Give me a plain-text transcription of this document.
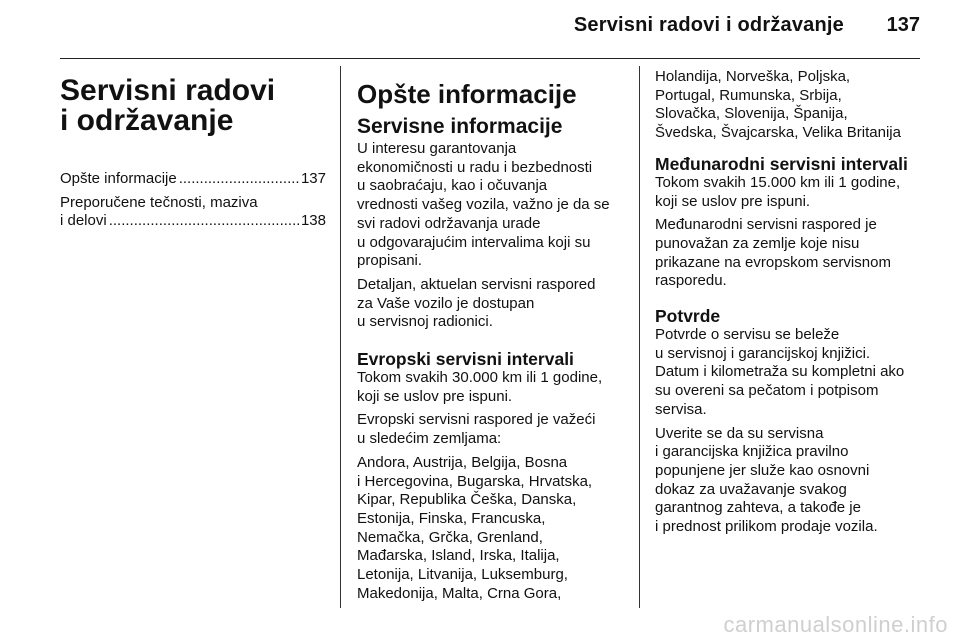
Servisni radovi i održavanje 137
Servisni radovi
i održavanje
Opšte informacije .....	137
Preporučene tečnosti, maziva
i delovi .....	138
Opšte informacije
Servisne informacije
U interesu garantovanja
ekonomičnosti u radu i bezbednosti
u saobraćaju, kao i očuvanja
vrednosti vašeg vozila, važno je da se
svi radovi održavanja urade
u odgovarajućim intervalima koji su
propisani.
Detaljan, aktuelan servisni raspored
za Vaše vozilo je dostupan
u servisnoj radionici.
Evropski servisni intervali
Tokom svakih 30.000 km ili 1 godine,
koji se uslov pre ispuni.
Evropski servisni raspored je važeći
u sledećim zemljama:
Andora, Austrija, Belgija, Bosna
i Hercegovina, Bugarska, Hrvatska,
Kipar, Republika Češka, Danska,
Estonija, Finska, Francuska,
Nemačka, Grčka, Grenland,
Mađarska, Island, Irska, Italija,
Letonija, Litvanija, Luksemburg,
Makedonija, Malta, Crna Gora,
Holandija, Norveška, Poljska,
Portugal, Rumunska, Srbija,
Slovačka, Slovenija, Španija,
Švedska, Švajcarska, Velika Britanija
Međunarodni servisni intervali
Tokom svakih 15.000 km ili 1 godine,
koji se uslov pre ispuni.
Međunarodni servisni raspored je
punovažan za zemlje koje nisu
prikazane na evropskom servisnom
rasporedu.
Potvrde
Potvrde o servisu se beleže
u servisnoj i garancijskoj knjižici.
Datum i kilometraža su kompletni ako
su overeni sa pečatom i potpisom
servisa.
Uverite se da su servisna
i garancijska knjižica pravilno
popunjene jer služe kao osnovni
dokaz za uvažavanje svakog
garantnog zahteva, a takođe je
i prednost prilikom prodaje vozila.
carmanualsonline.info
